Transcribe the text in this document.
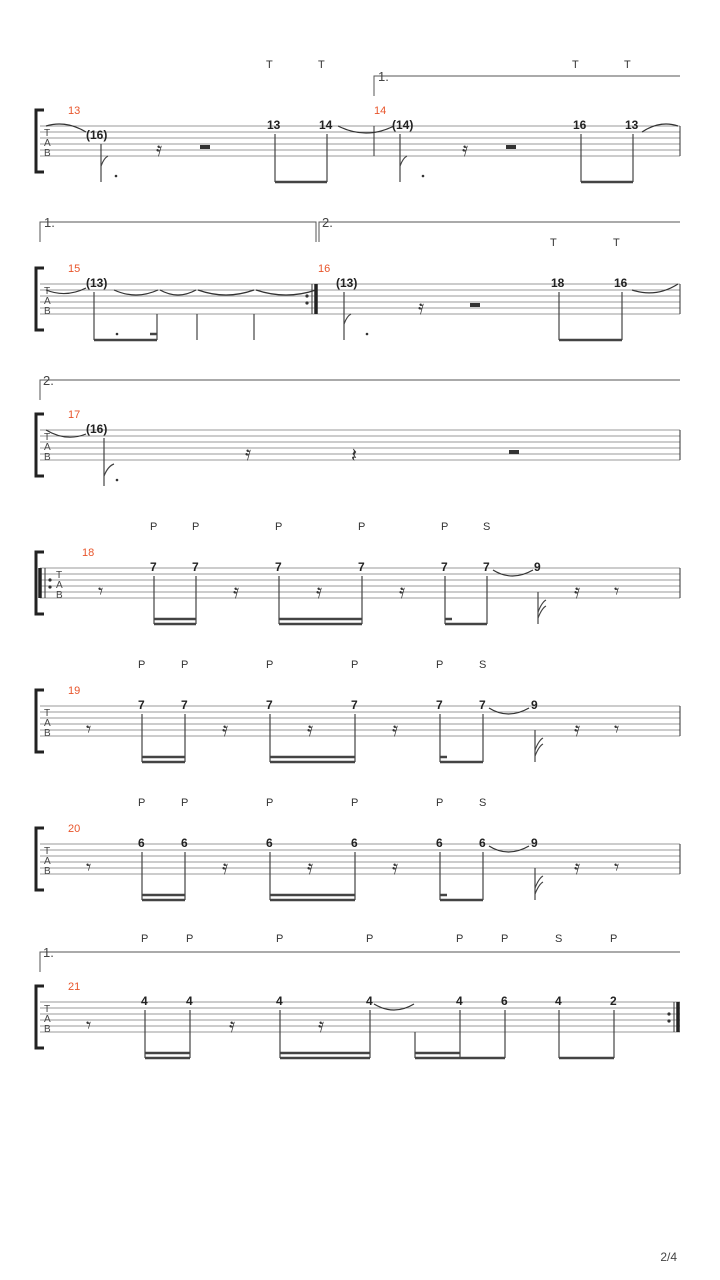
T
A
B
13	14
1.
(16)
𝄿
13	14
T	T
(14)
𝄿
16	13
T	T
T
A
B
15	16
1.	2.
(13)	(13)
𝄿
18	16
T	T
T
A
B
17
2.
(16)
𝄿	𝄽
T
A
B
18
𝄾
7	7
𝄿
7
𝄿
7
𝄿
7	7	9
𝄿 𝄾
P	P	P	P	P	S
T
A
B
19
𝄾
7	7
𝄿
7
𝄿
7
𝄿
7	7	9
𝄿 𝄾
P	P	P	P	P	S
T
A
B
20
𝄾
6	6
𝄿
6
𝄿
6
𝄿
6	6	9
𝄿 𝄾
P	P	P	P	P	S
T
A
B
21
1.
𝄾
4	4
𝄿
4
𝄿
4	4	6	4	2
P	P	P	P	P	P	S	P
2/4
